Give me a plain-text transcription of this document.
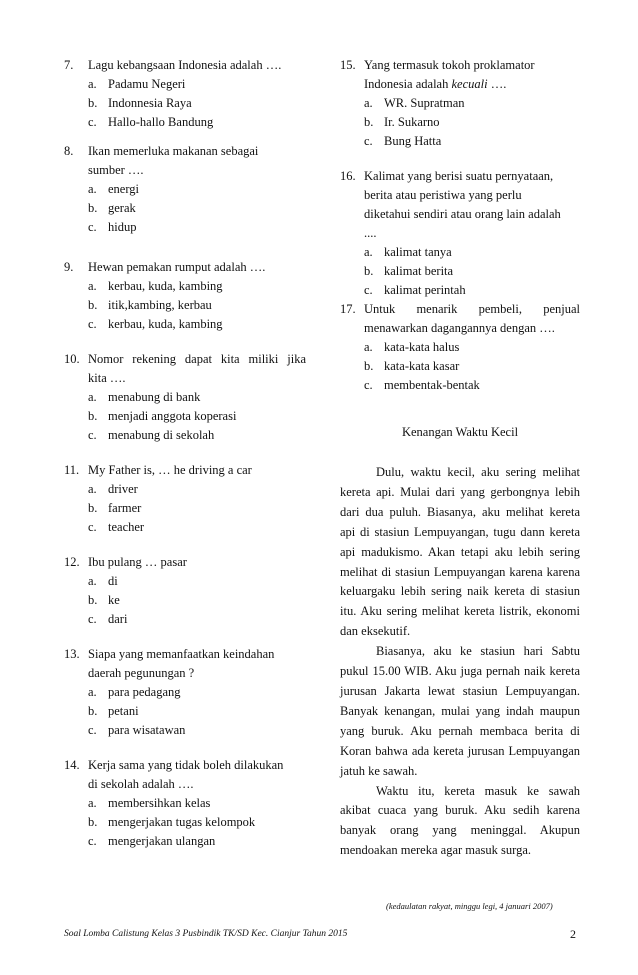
7.	Lagu kebangsaan Indonesia adalah ….
a. Padamu Negeri
b. Indonnesia Raya
c. Hallo-hallo Bandung
8.	Ikan memerluka makanan sebagai
sumber ….
a. energi
b. gerak
c. hidup
9.	Hewan pemakan rumput adalah ….
a. kerbau, kuda, kambing
b. itik,kambing, kerbau
c. kerbau, kuda, kambing
10. Nomor rekening dapat kita miliki jika
kita ….
a. menabung di bank
b. menjadi anggota koperasi
c. menabung di sekolah
11. My Father is, … he driving a car
a. driver
b. farmer
c. teacher
12. Ibu pulang … pasar
a. di
b. ke
c. dari
13. Siapa yang memanfaatkan keindahan
daerah pegunungan ?
a. para pedagang
b. petani
c. para wisatawan
14. Kerja sama yang tidak boleh dilakukan
di sekolah adalah ….
a. membersihkan kelas
b. mengerjakan tugas kelompok
c. mengerjakan ulangan
15. Yang termasuk tokoh proklamator
Indonesia adalah kecuali ….
a. WR. Supratman
b. Ir. Sukarno
c. Bung Hatta
16. Kalimat yang berisi suatu pernyataan,
berita atau peristiwa yang perlu
diketahui sendiri atau orang lain adalah
....
a. kalimat tanya
b. kalimat berita
c. kalimat perintah
17. Untuk menarik pembeli, penjual
menawarkan dagangannya dengan ….
a. kata-kata halus
b. kata-kata kasar
c. membentak-bentak
Kenangan Waktu Kecil

Dulu, waktu kecil, aku sering melihat kereta api. Mulai dari yang gerbongnya lebih dari dua puluh. Biasanya, aku melihat kereta api di stasiun Lempuyangan, tugu dann kereta api madukismo. Akan tetapi aku lebih sering melihat di stasiun Lempuyangan karena karena keluargaku lebih sering naik kereta di stasiun itu. Aku sering melihat kereta listrik, ekonomi dan eksekutif.

Biasanya, aku ke stasiun hari Sabtu pukul 15.00 WIB. Aku juga pernah naik kereta jurusan Jakarta lewat stasiun Lempuyangan. Banyak kenangan, mulai yang indah maupun yang buruk. Aku pernah membaca berita di Koran bahwa ada kereta jurusan Lempuyangan jatuh ke sawah.

Waktu itu, kereta masuk ke sawah akibat cuaca yang buruk. Aku sedih karena banyak orang yang meninggal. Akupun mendoakan mereka agar masuk surga.

(kedaulatan rakyat, minggu legi, 4 januari 2007)
Soal Lomba Calistung Kelas 3 Pusbindik TK/SD Kec. Cianjur Tahun 2015	2
